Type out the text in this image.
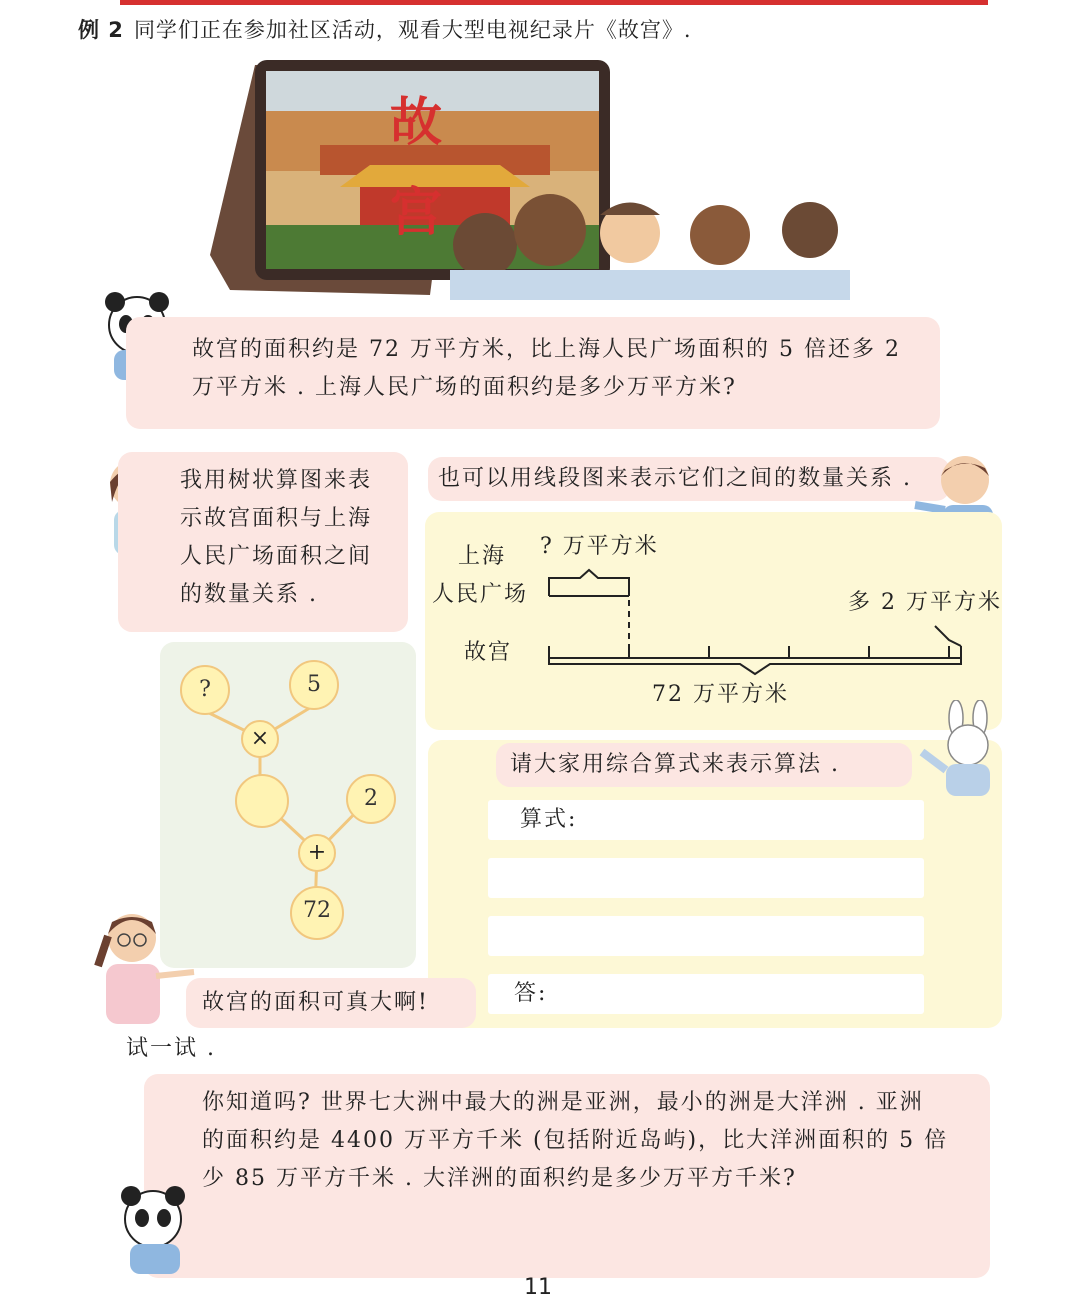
例 2 同学们正在参加社区活动，观看大型电视纪录片《故宫》.
故
宫
故宫的面积约是 72 万平方米，比上海人民广场面积的 5 倍还多 2
万平方米 . 上海人民广场的面积约是多少万平方米?
我用树状算图来表
示故宫面积与上海
人民广场面积之间
的数量关系 .
也可以用线段图来表示它们之间的数量关系 .
上海
人民广场
? 万平方米
多 2 万平方米
故宫
72 万平方米
?	5
×
2
+
72
请大家用综合算式来表示算法 .
算式:
答:
故宫的面积可真大啊!
试一试 .
你知道吗? 世界七大洲中最大的洲是亚洲，最小的洲是大洋洲 . 亚洲
的面积约是 4400 万平方千米 (包括附近岛屿)，比大洋洲面积的 5 倍
少 85 万平方千米 . 大洋洲的面积约是多少万平方千米?
11
